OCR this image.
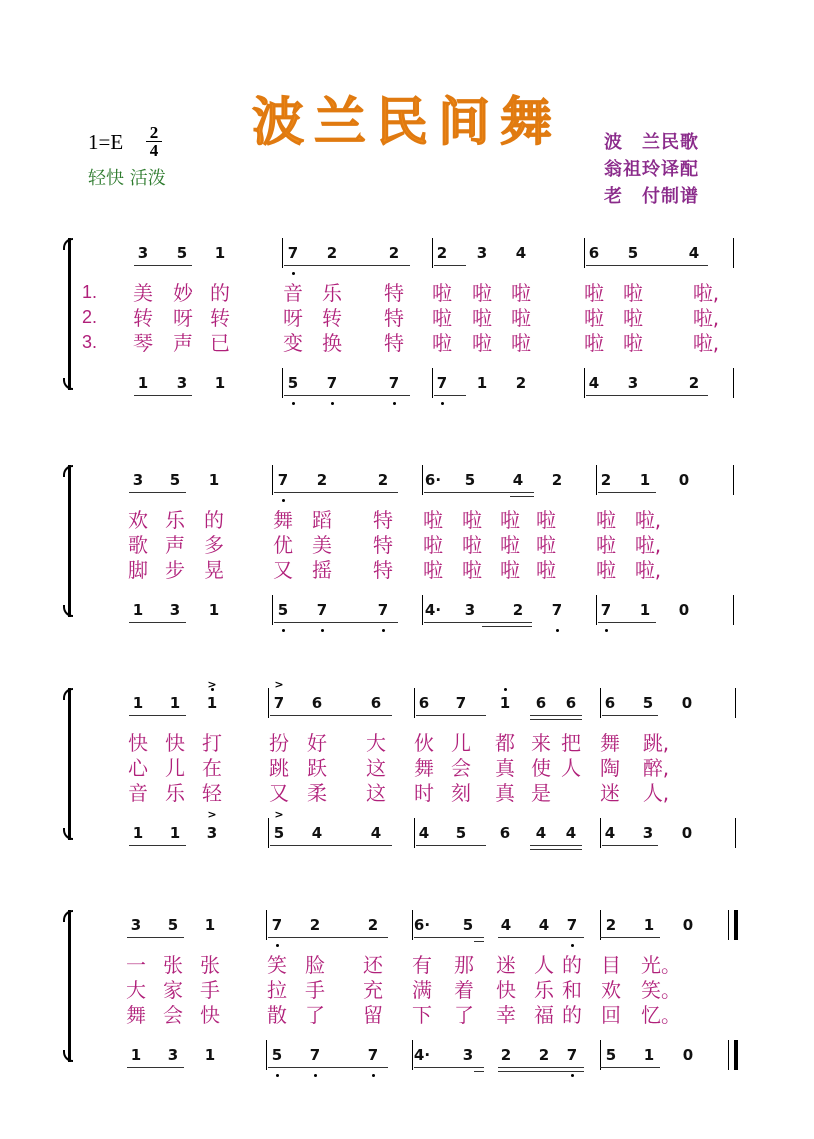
波兰民间舞
$1=E \frac{2}{4}$
轻快 活泼
波　兰民歌
翁祖玲译配
老　付制谱
3	5	1	7	2	2	2	3	4	6	5	4
1	3	1	5	7	7	7	1	2	4	3	2
1.
2.
3.
美 妙 的	音 乐 特 啦 啦 啦	啦 啦 啦,
转 呀 转	呀 转 特 啦 啦 啦	啦 啦 啦,
琴 声 已	变 换 特 啦 啦 啦	啦 啦 啦,
3	5	1	7	2	2	6·	5	4	2	2	1	0
1	3	1	5	7	7	4·	3	2	7	7	1	0
欢 乐 的 舞 蹈 特 啦 啦 啦 啦 啦 啦,
歌 声 多 优 美 特 啦 啦 啦 啦 啦 啦,
脚 步 晃 又 摇 特 啦 啦 啦 啦 啦 啦,
1	1	1	7	6	6	6	7	1	6	6	6	5	0
1	1	3	5	4	4	4	5	6	4	4	4	3	0
>	>
>	>
快 快 打 扮 好 大 伙 儿 都 来 把 舞 跳,
心 儿 在 跳 跃 这 舞 会 真 使 人 陶 醉,
音 乐 轻 又 柔 这 时 刻 真 是 迷 人,
3	5	1	7	2	2	6·	5	4	4	7	2	1	0
1	3	1	5	7	7	4·	3	2	2	7	5	1	0
一 张 张 笑 脸 还 有 那 迷 人 的 目 光。
大 家 手 拉 手 充 满 着 快 乐 和 欢 笑。
舞 会 快 散 了 留 下 了 幸 福 的 回 忆。
